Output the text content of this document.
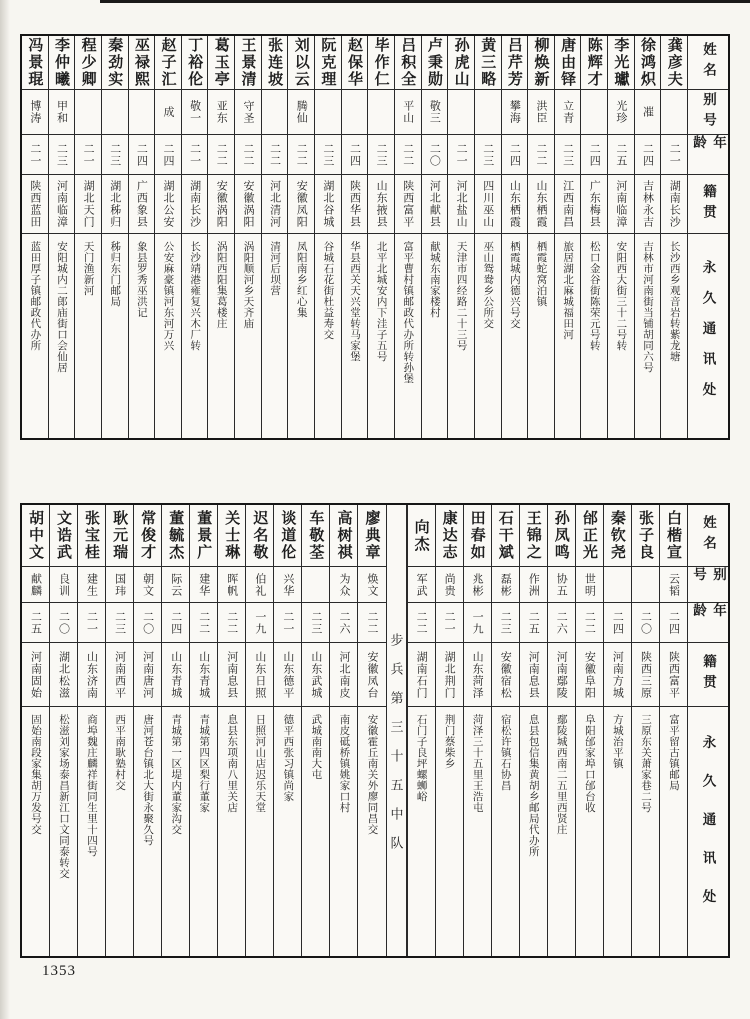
姓名
别号
年龄
籍贯
永久通讯处
龚彦夫
二一
湖南长沙
长沙西乡观音岩转紫龙塘
徐鸿炽
凗
二四
吉林永吉
吉林市河南街当铺胡同六号
李光瓛
光珍
二五
河南临漳
安阳西大街三十二号转
陈辉才
二四
广东梅县
松口金谷街陈荣元号转
唐由铎
立青
二三
江西南昌
旅居湖北麻城福田河
柳焕新
洪臣
二二
山东栖霞
栖霞蛇窝泊镇
吕芹芳
攀海
二四
山东栖霞
栖霞城内德兴号交
黄三略
二三
四川巫山
巫山鸳鸯乡公所交
孙虎山
二一
河北盐山
天津市四经路二十三号
卢秉勋
敬三
二〇
河北献县
献城东南家楼村
吕积全
平山
二二
陕西富平
富平曹村镇邮政代办所转孙堡
毕作仁
二三
山东掖县
北平北城安内下洼子五号
赵保华
二四
陕西华县
华县西关天兴堂转马家堡
阮克理
二三
湖北谷城
谷城石花街杜益寿交
刘以云
腾仙
二二
安徽凤阳
凤阳南乡红心集
张连坡
二二
河北清河
清河后坝营
王景清
守圣
二二
安徽涡阳
涡阳顺河乡天齐庙
葛玉亭
亚东
二二
安徽涡阳
涡阳西阳集葛楼庄
丁裕伦
敬一
二一
湖南长沙
长沙靖港雍复兴木厂转
赵子汇
成
二四
湖北公安
公安麻豪镇河东河万兴
巫禄熙
二四
广西象县
象县罗秀巫洪记
秦劲实
二三
湖北秭归
秭归东门邮局
程少卿
二一
湖北天门
天门渔新河
李仲曦
甲和
二三
河南临漳
安阳城内二郎庙街口会仙居
冯景琨
博涛
二一
陕西蓝田
蓝田厚子镇邮政代办所
姓名
别号
年龄
籍贯
永久通讯处
白楷宣
云韬
二四
陕西富平
富平留古镇邮局
张子良
二〇
陕西三原
三原东关萧家巷二号
秦钦尧
二四
河南方城
方城治平镇
邰正光
世明
二二
安徽阜阳
阜阳邰家埠口邰台收
孙凤鸣
协五
二六
河南鄢陵
鄢陵城西南二五里西贤庄
王锦之
作洲
二五
河南息县
息县包信集黄胡乡邮局代办所
石干斌
磊彬
二三
安徽宿松
宿松许镇石协昌
田春如
兆彬
一九
山东菏泽
菏泽三十五里王浩屯
康达志
尚贵
二一
湖北荆门
荆门蔡柴乡
向杰
军武
二二
湖南石门
石门子良坪螺蛳峪
步兵第三十五中队
廖典章
焕文
二二
安徽凤台
安徽霍丘南关外廖同昌交
高树祺
为众
二六
河北南皮
南皮砥桥镇姚家口村
车敬荃
二三
山东武城
武城南南大屯
谈道伦
兴华
二一
山东德平
德平西张习镇尚家
迟名敬
伯礼
一九
山东日照
日照河山店迟乐天堂
关士琳
晖帆
二二
河南息县
息县东项南八里关店
董景广
建华
二二
山东青城
青城第四区梨行董家
董毓杰
际云
二四
山东青城
青城第一区堤内董家沟交
常俊才
朝文
二〇
河南唐河
唐河苍台镇北大街永聚久号
耿元瑞
国玮
二三
河南西平
西平南耿塾村交
张宝桂
建生
二一
山东济南
商埠魏庄麟祥街同生里十四号
文诰武
良训
二〇
湖北松滋
松滋刘家场泰昌新江口文同泰转交
胡中文
献麟
二五
河南固始
固始南段家集胡万发号交
1353
